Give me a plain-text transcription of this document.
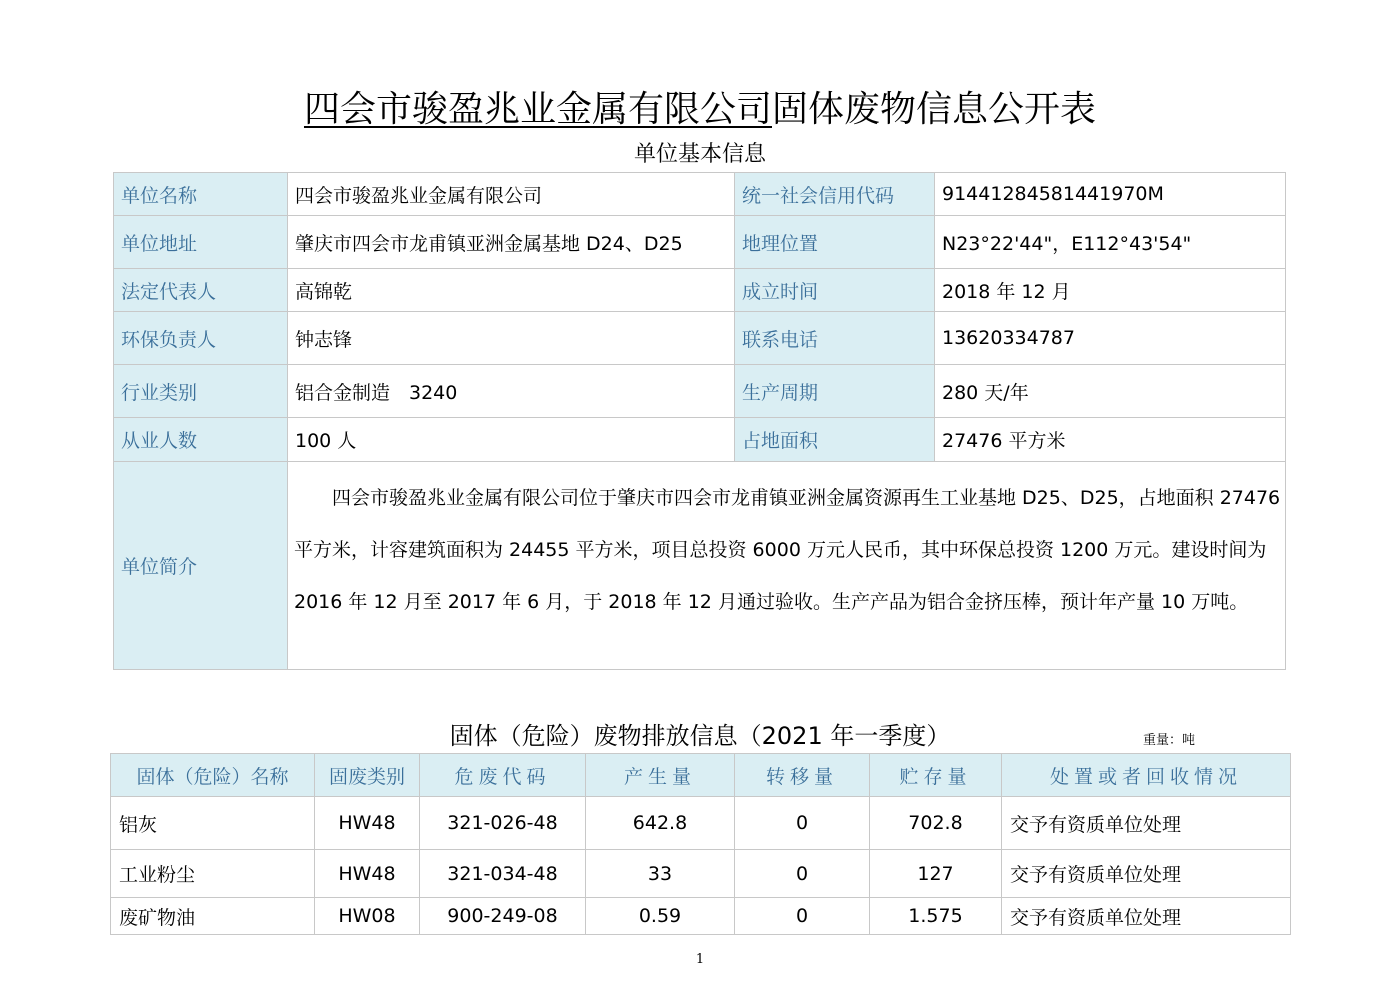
四会市骏盈兆业金属有限公司固体废物信息公开表
单位基本信息
单位名称	四会市骏盈兆业金属有限公司	统一社会信用代码	91441284581441970M
单位地址	肇庆市四会市龙甫镇亚洲金属基地 D24、D25	地理位置	N23°22'44"，E112°43'54"
法定代表人	高锦乾	成立时间	2018 年 12 月
环保负责人	钟志锋	联系电话	13620334787
行业类别	铝合金制造　3240	生产周期	280 天/年
从业人数	100 人	占地面积	27476 平方米
单位简介	四会市骏盈兆业金属有限公司位于肇庆市四会市龙甫镇亚洲金属资源再生工业基地 D25、D25，占地面积 27476 平方米，计容建筑面积为 24455 平方米，项目总投资 6000 万元人民币，其中环保总投资 1200 万元。建设时间为 2016 年 12 月至 2017 年 6 月，于 2018 年 12 月通过验收。生产产品为铝合金挤压棒，预计年产量 10 万吨。		
固体（危险）废物排放信息（2021 年一季度）	重量：吨
固体（危险）名称	固废类别	危废代码	产生量	转移量	贮存量	处置或者回收情况
铝灰	HW48	321-026-48	642.8	0	702.8	交予有资质单位处理
工业粉尘	HW48	321-034-48	33	0	127	交予有资质单位处理
废矿物油	HW08	900-249-08	0.59	0	1.575	交予有资质单位处理
1
